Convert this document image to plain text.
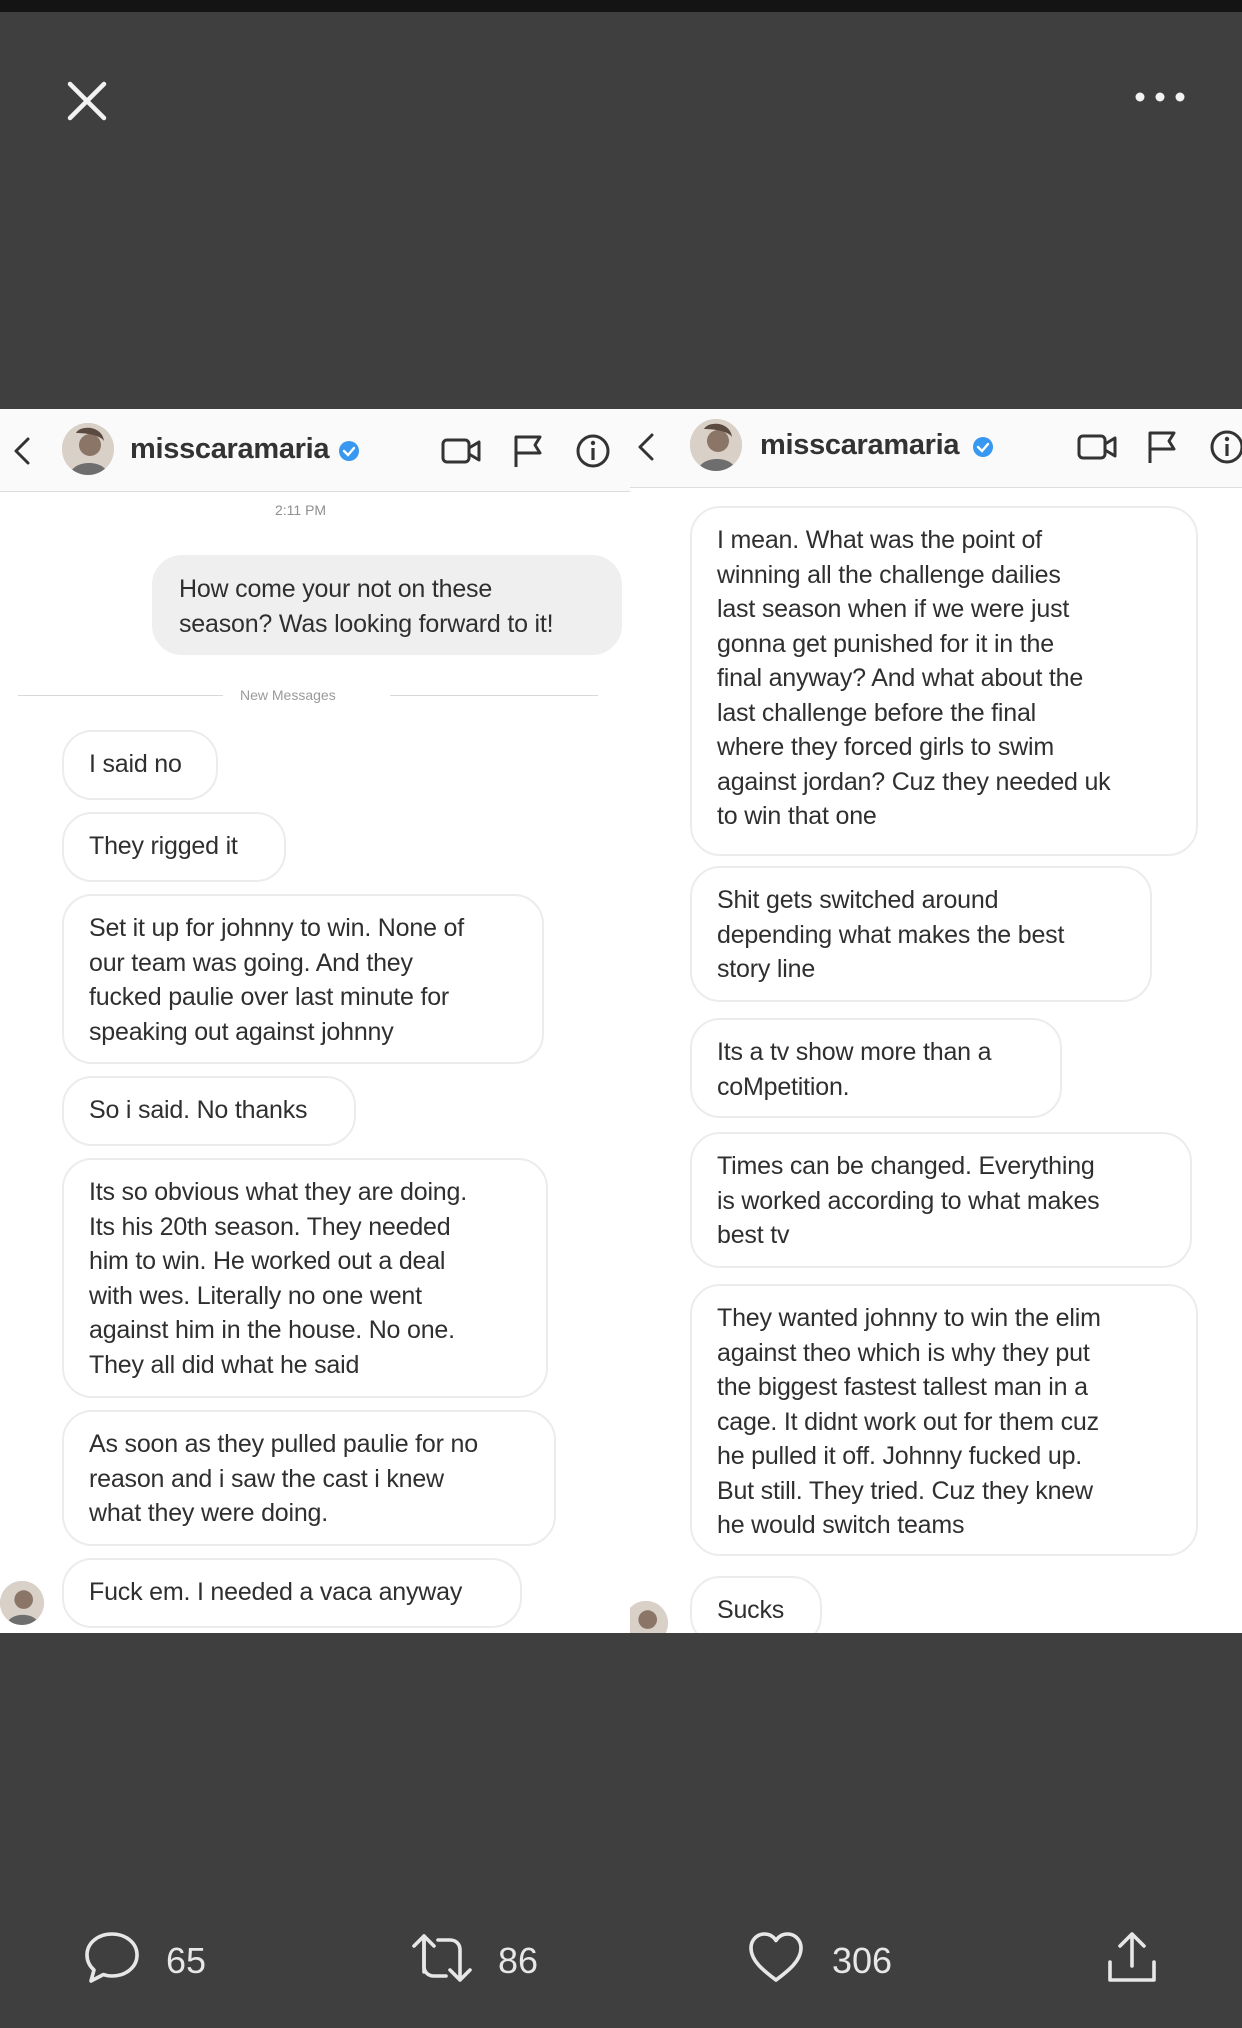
misscaramaria
2:11 PM
How come your not on these
season? Was looking forward to it!
New Messages
I said no
They rigged it
Set it up for johnny to win. None of
our team was going. And they
fucked paulie over last minute for
speaking out against johnny
So i said. No thanks
Its so obvious what they are doing.
Its his 20th season. They needed
him to win. He worked out a deal
with wes. Literally no one went
against him in the house. No one.
They all did what he said
As soon as they pulled paulie for no
reason and i saw the cast i knew
what they were doing.
Fuck em. I needed a vaca anyway
misscaramaria
I mean. What was the point of
winning all the challenge dailies
last season when if we were just
gonna get punished for it in the
final anyway? And what about the
last challenge before the final
where they forced girls to swim
against jordan? Cuz they needed uk
to win that one
Shit gets switched around
depending what makes the best
story line
Its a tv show more than a
coMpetition.
Times can be changed. Everything
is worked according to what makes
best tv
They wanted johnny to win the elim
against theo which is why they put
the biggest fastest tallest man in a
cage. It didnt work out for them cuz
he pulled it off. Johnny fucked up.
But still. They tried. Cuz they knew
he would switch teams
Sucks
65	86	306
